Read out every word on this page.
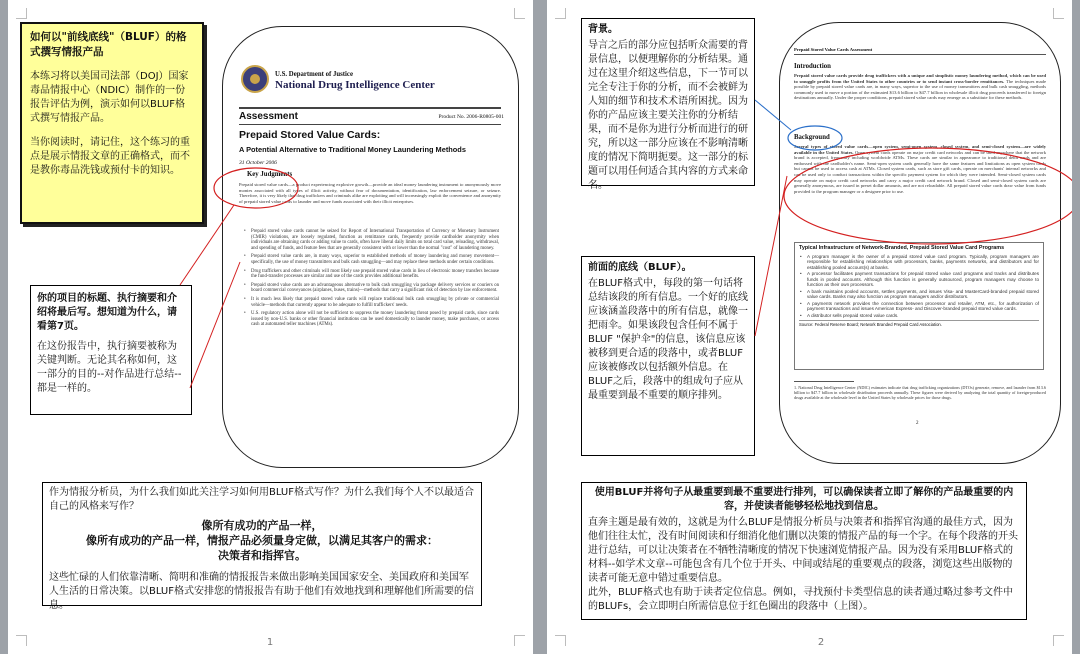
如何以"前线底线"（BLUF）的格式撰写情报产品

本练习将以美国司法部（DOJ）国家毒品情报中心（NDIC）制作的一份报告评估为例，演示如何以BLUF格式撰写情报产品。

当你阅读时，请记住，这个练习的重点是展示情报文章的正确格式，而不是教你毒品洗钱或预付卡的知识。

你的项目的标题、执行摘要和介绍将最后写。想知道为什么，请看第7页。

在这份报告中，执行摘要被称为关键判断。无论其名称如何，这一部分的目的--对作品进行总结--都是一样的。

U.S. Department of Justice
National Drug Intelligence Center
Assessment	Product No. 2006-R0805-001
Prepaid Stored Value Cards:
A Potential Alternative to Traditional Money Laundering Methods
31 October 2006
Key Judgments
Prepaid stored value cards—a product experiencing explosive growth—provide an ideal money laundering instrument to anonymously move monies associated with all types of illicit activity, without fear of documentation, identification, law enforcement seizure, or seizure. Therefore, it is very likely that drug traffickers and criminals alike are exploiting and will increasingly exploit the convenience and anonymity of prepaid stored value cards to launder and move funds associated with their illicit enterprises.
• Prepaid stored value cards cannot be seized for Report of International Transportation of Currency or Monetary Instrument (CMIR) violations, are loosely regulated, function as remittance cards, frequently provide cardholder anonymity when individuals are obtaining cards or adding value to cards, often have liberal daily limits on total card value, reloading, withdrawal, and spending of funds, and feature fees that are generally consistent with or lower than the normal "cost" of laundering money.
• Prepaid stored value cards are, in many ways, superior to established methods of money laundering and money movement—specifically, the use of money transmitters and bulk cash smuggling—and may replace these methods under certain conditions.
• Drug traffickers and other criminals will most likely use prepaid stored value cards in lieu of electronic money transfers because the fund-transfer processes are similar and use of the cards provides additional benefits.
• Prepaid stored value cards are an advantageous alternative to bulk cash smuggling via package delivery services or couriers on board commercial conveyances (airplanes, buses, trains)—methods that carry a significant risk of detection by law enforcement.
• It is much less likely that prepaid stored value cards will replace traditional bulk cash smuggling by private or commercial vehicle—methods that currently appear to be adequate to fulfill traffickers' needs.
• U.S. regulatory action alone will not be sufficient to suppress the money laundering threat posed by prepaid cards, since cards issued by non-U.S. banks or other financial institutions can be used domestically to launder money, make purchases, or access cash at automated teller machines (ATMs).

作为情报分析员，为什么我们如此关注学习如何用BLUF格式写作？为什么我们每个人不以最适合自己的风格来写作？

像所有成功的产品一样，
像所有成功的产品一样，情报产品必须量身定做，以满足其客户的需求：
决策者和指挥官。

这些忙碌的人们依靠清晰、简明和准确的情报报告来做出影响美国国家安全、美国政府和美国军人生活的日常决策。以BLUF格式安排您的情报报告有助于他们有效地找到和理解他们所需要的信息。

1

背景。

导言之后的部分应包括听众需要的背景信息，以便理解你的分析结果。通过在这里介绍这些信息，下一节可以完全专注于你的分析，而不会被鲜为人知的细节和技术术语所困扰。因为你的产品应该主要关注你的分析结果，而不是你为进行分析而进行的研究，所以这一部分应该在不影响清晰度的情况下简明扼要。这一部分的标题可以用任何适合其内容的方式来命名。

前面的底线（BLUF）。

在BLUF格式中，每段的第一句话将总结该段的所有信息。一个好的底线应该涵盖段落中的所有信息，就像一把雨伞。如果该段包含任何不属于BLUF "保护伞"的信息，该信息应该被移到更合适的段落中，或者BLUF应该被修改以包括额外信息。在BLUF之后，段落中的组成句子应从最重要到最不重要的顺序排列。

Prepaid Stored Value Cards Assessment
Introduction
Prepaid stored value cards provide drug traffickers with a unique and simplistic money laundering method, which can be used to smuggle profits from the United States to other countries or to send instant cross-border remittances. The techniques made possible by prepaid stored value cards are, in many ways, superior to the use of money transmitters and bulk cash smuggling, methods commonly used to move a portion of the estimated $13.6 billion to $47.7 billion in wholesale illicit drug proceeds transferred to foreign destinations annually. Under the proper conditions, prepaid stored value cards may emerge as a substitute for these methods.
Background
Several types of stored value cards—open system, semi-open system, closed system, and semi-closed system—are widely available in the United States. Open system cards operate on major credit card networks and can be used anywhere that the network brand is accepted, frequently including worldwide ATMs. These cards are similar in appearance to traditional debit cards and are embossed with the cardholder's name. Semi-open system cards generally have the same features and limitations as open system cards but cannot be used to access cash at ATMs. Closed system cards, such as store gift cards, operate on merchants' internal networks and can be used only to conduct transactions within the specific payment system for which they were intended. Semi-closed system cards may operate on major credit card networks and carry a major credit card network brand. Closed and semi-closed system cards are generally anonymous, are issued in preset dollar amounts, and are not reloadable. All prepaid stored value cards draw value from funds provided to the program manager or a designee prior to use.
Typical Infrastructure of Network-Branded, Prepaid Stored Value Card Programs
• A program manager is the owner of a prepaid stored value card program. Typically, program managers are responsible for establishing relationships with processors, banks, payments networks, and distributors and for establishing pooled account(s) at banks.
• A processor facilitates payment transactions for prepaid stored value card programs and tracks and distributes funds in pooled accounts. Although this function is generally outsourced, program managers may choose to function as their own processors.
• A bank maintains pooled accounts, settles payments, and issues Visa- and MasterCard-branded prepaid stored value cards. Banks may also function as program managers and/or distributors.
• A payments network provides the connection between processor and retailer, ATM, etc., for authorization of payment transactions and issues American Express- and Discover-branded prepaid stored value cards.
• A distributor sells prepaid stored value cards.
Source: Federal Reserve Board; Network Branded Prepaid Card Association.
1. National Drug Intelligence Center (NDIC) estimates indicate that drug trafficking organizations (DTOs) generate, remove, and launder from $13.6 billion to $47.7 billion in wholesale distribution proceeds annually. These figures were derived by analyzing the total quantity of foreign-produced drugs available at the wholesale level in the United States by wholesale prices for those drugs.
2

使用BLUF并将句子从最重要到最不重要进行排列，可以确保读者立即了解你的产品最重要的内容，并使读者能够轻松地找到信息。

直奔主题是最有效的，这就是为什么BLUF是情报分析员与决策者和指挥官沟通的最佳方式，因为他们往往太忙，没有时间阅读和仔细消化他们删以决策的情报产品的每一个字。在每个段落的开头进行总结，可以让决策者在不牺牲清晰度的情况下快速浏览情报产品。因为没有采用BLUF格式的材料--如学术文章--可能包含有几个位于开头、中间或结尾的重要观点的段落，浏览这些出版物的读者可能无意中错过重要信息。

此外，BLUF格式也有助于读者定位信息。例如，寻找预付卡类型信息的读者通过略过参考文件中的BLUFs，会立即明白所需信息位于红色圈出的段落中（上图）。

2
